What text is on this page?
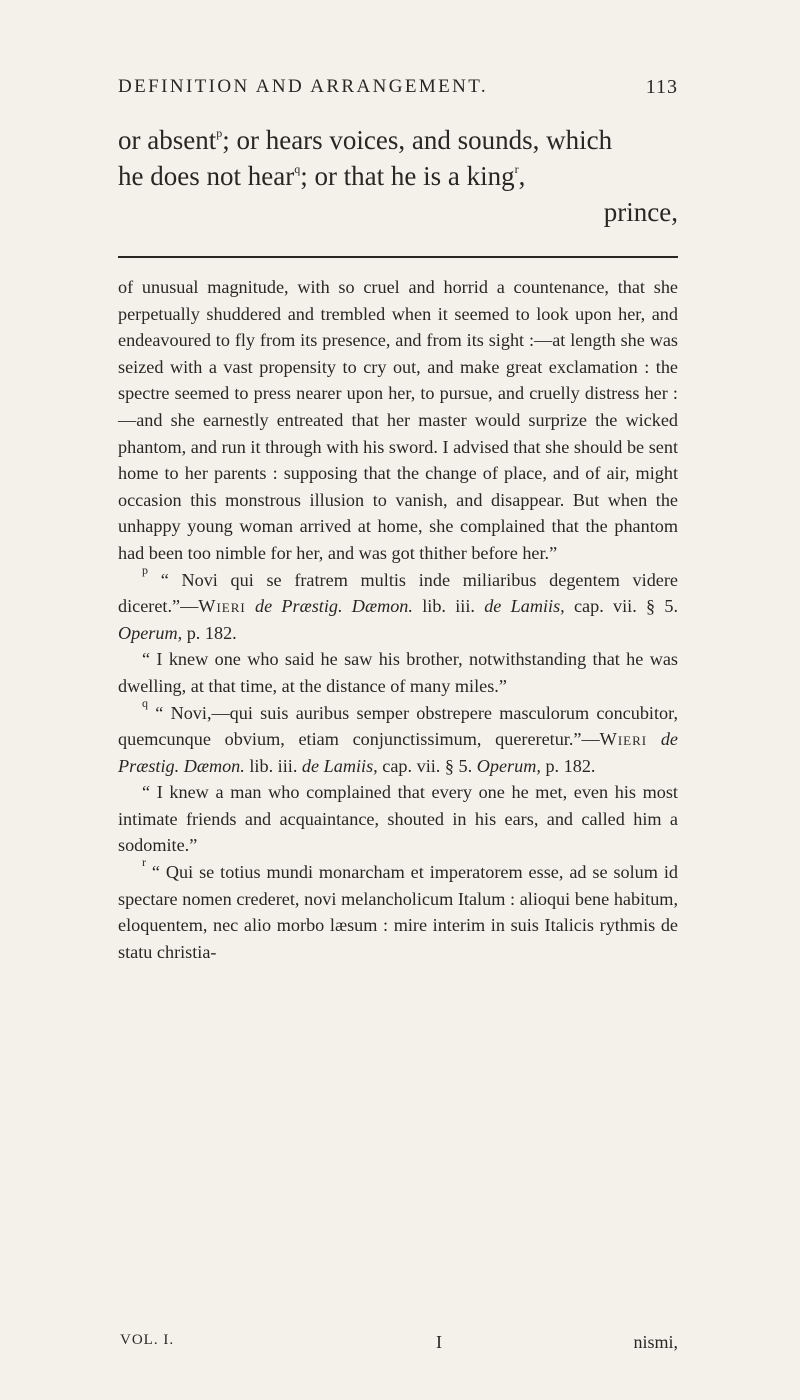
DEFINITION AND ARRANGEMENT.	113
or absent$^p$; or hears voices, and sounds, which
he does not hear$^q$; or that he is a king$^r$,
prince,

of unusual magnitude, with so cruel and horrid a countenance, that she perpetually shuddered and trembled when it seemed to look upon her, and endeavoured to fly from its presence, and from its sight :—at length she was seized with a vast propensity to cry out, and make great exclamation : the spectre seemed to press nearer upon her, to pursue, and cruelly distress her :—and she earnestly entreated that her master would surprize the wicked phantom, and run it through with his sword. I advised that she should be sent home to her parents : supposing that the change of place, and of air, might occasion this monstrous illusion to vanish, and disappear. But when the unhappy young woman arrived at home, she complained that the phantom had been too nimble for her, and was got thither before her.”

$^p$ “ Novi qui se fratrem multis inde miliaribus degentem videre diceret.”—Wieri de Præstig. Dæmon. lib. iii. de Lamiis, cap. vii. § 5. Operum, p. 182.

“ I knew one who said he saw his brother, notwithstanding that he was dwelling, at that time, at the distance of many miles.”

$^q$ “ Novi,—qui suis auribus semper obstrepere masculorum concubitor, quemcunque obvium, etiam conjunctissimum, quereretur.”—Wieri de Præstig. Dæmon. lib. iii. de Lamiis, cap. vii. § 5. Operum, p. 182.

“ I knew a man who complained that every one he met, even his most intimate friends and acquaintance, shouted in his ears, and called him a sodomite.”

$^r$ “ Qui se totius mundi monarcham et imperatorem esse, ad se solum id spectare nomen crederet, novi melancholicum Italum : alioqui bene habitum, eloquentem, nec alio morbo læsum : mire interim in suis Italicis rythmis de statu christia-

VOL. I.	I	nismi,
